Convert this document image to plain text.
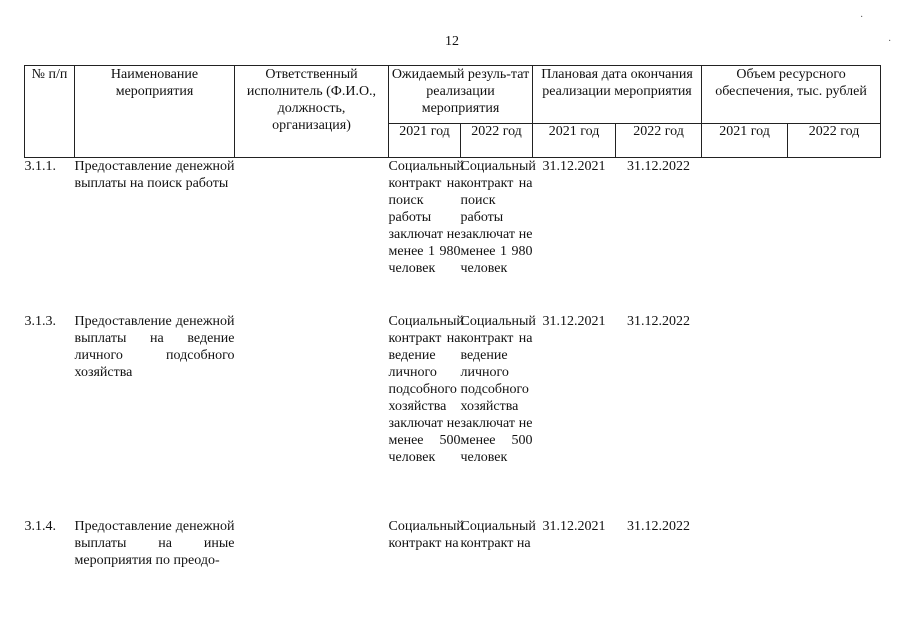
12
№ п/п	Наименование мероприятия	Ответственный исполнитель (Ф.И.О., должность, организация)	Ожидаемый резуль-тат реализации мероприятия		Плановая дата окончания реализации мероприятия		Объем ресурсного обеспечения, тыс. рублей	
			2021 год	2022 год	2021 год	2022 год	2021 год	2022 год
3.1.1.	Предоставление денежной выплаты на поиск работы		Социальный контракт на поиск работы заключат не менее 1 980 человек	Социальный контракт на поиск работы заключат не менее 1 980 человек	31.12.2021	31.12.2022		
3.1.3.	Предоставление денежной выплаты на ведение личного подсобного хозяйства		Социальный контракт на ведение личного подсобного хозяйства заключат не менее 500 человек	Социальный контракт на ведение личного подсобного хозяйства заключат не менее 500 человек	31.12.2021	31.12.2022		
3.1.4.	Предоставление денежной выплаты на иные мероприятия по преодо-		Социальный контракт на	Социальный контракт на	31.12.2021	31.12.2022		
·
·
